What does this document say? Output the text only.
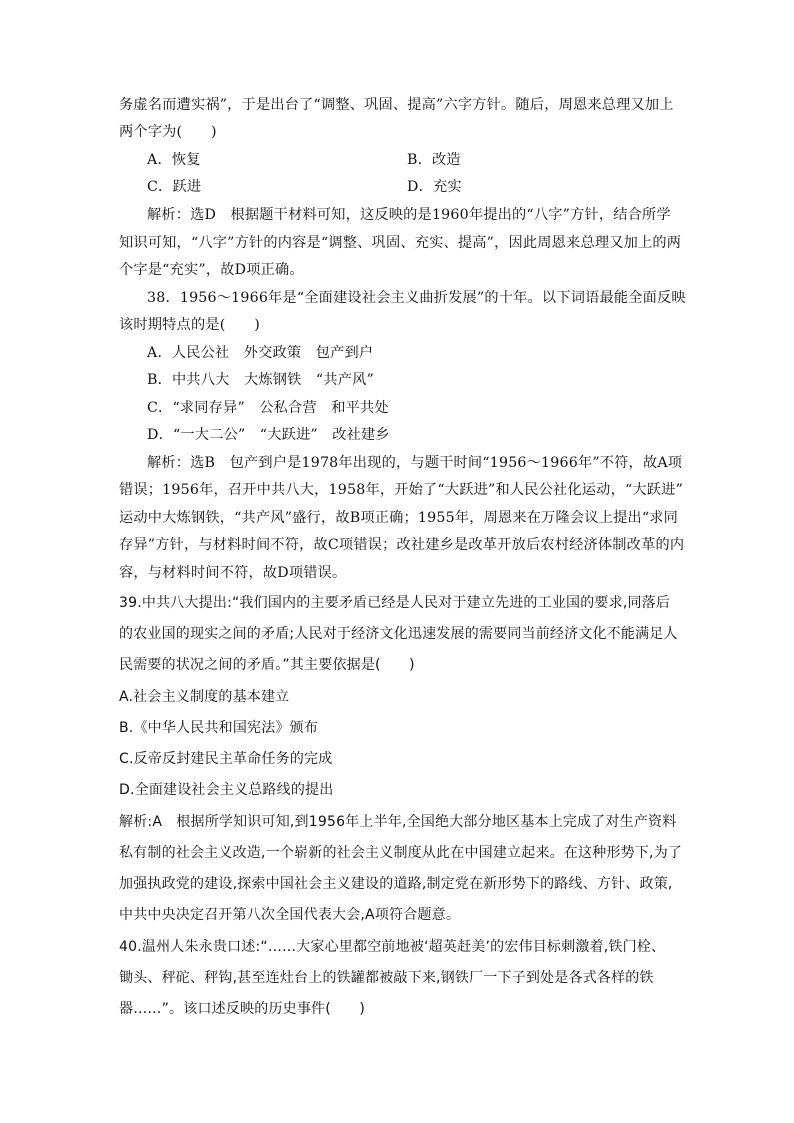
务虚名而遭实祸”，于是出台了“调整、巩固、提高”六字方针。随后，周恩来总理又加上
两个字为(　　)
A．恢复	B．改造
C．跃进	D．充实
解析：选D　根据题干材料可知，这反映的是1960年提出的“八字”方针，结合所学
知识可知，“八字”方针的内容是“调整、巩固、充实、提高”，因此周恩来总理又加上的两
个字是“充实”，故D项正确。
38．1956～1966年是“全面建设社会主义曲折发展”的十年。以下词语最能全面反映
该时期特点的是(　　)
A．人民公社　外交政策　包产到户
B．中共八大　大炼钢铁　“共产风”
C．“求同存异”　公私合营　和平共处
D．“一大二公”　“大跃进”　改社建乡
解析：选B　包产到户是1978年出现的，与题干时间“1956～1966年”不符，故A项
错误；1956年，召开中共八大，1958年，开始了“大跃进”和人民公社化运动，“大跃进”
运动中大炼钢铁，“共产风”盛行，故B项正确；1955年，周恩来在万隆会议上提出“求同
存异”方针，与材料时间不符，故C项错误；改社建乡是改革开放后农村经济体制改革的内
容，与材料时间不符，故D项错误。
39.中共八大提出:“我们国内的主要矛盾已经是人民对于建立先进的工业国的要求,同落后
的农业国的现实之间的矛盾;人民对于经济文化迅速发展的需要同当前经济文化不能满足人
民需要的状况之间的矛盾。”其主要依据是(　　)
A.社会主义制度的基本建立
B.《中华人民共和国宪法》颁布
C.反帝反封建民主革命任务的完成
D.全面建设社会主义总路线的提出
解析:A　根据所学知识可知,到1956年上半年,全国绝大部分地区基本上完成了对生产资料
私有制的社会主义改造,一个崭新的社会主义制度从此在中国建立起来。在这种形势下,为了
加强执政党的建设,探索中国社会主义建设的道路,制定党在新形势下的路线、方针、政策,
中共中央决定召开第八次全国代表大会,A项符合题意。
40.温州人朱永贵口述:“……大家心里都空前地被‘超英赶美’的宏伟目标刺激着,铁门栓、
锄头、秤砣、秤钩,甚至连灶台上的铁罐都被敲下来,钢铁厂一下子到处是各式各样的铁
器……”。该口述反映的历史事件(　　)
